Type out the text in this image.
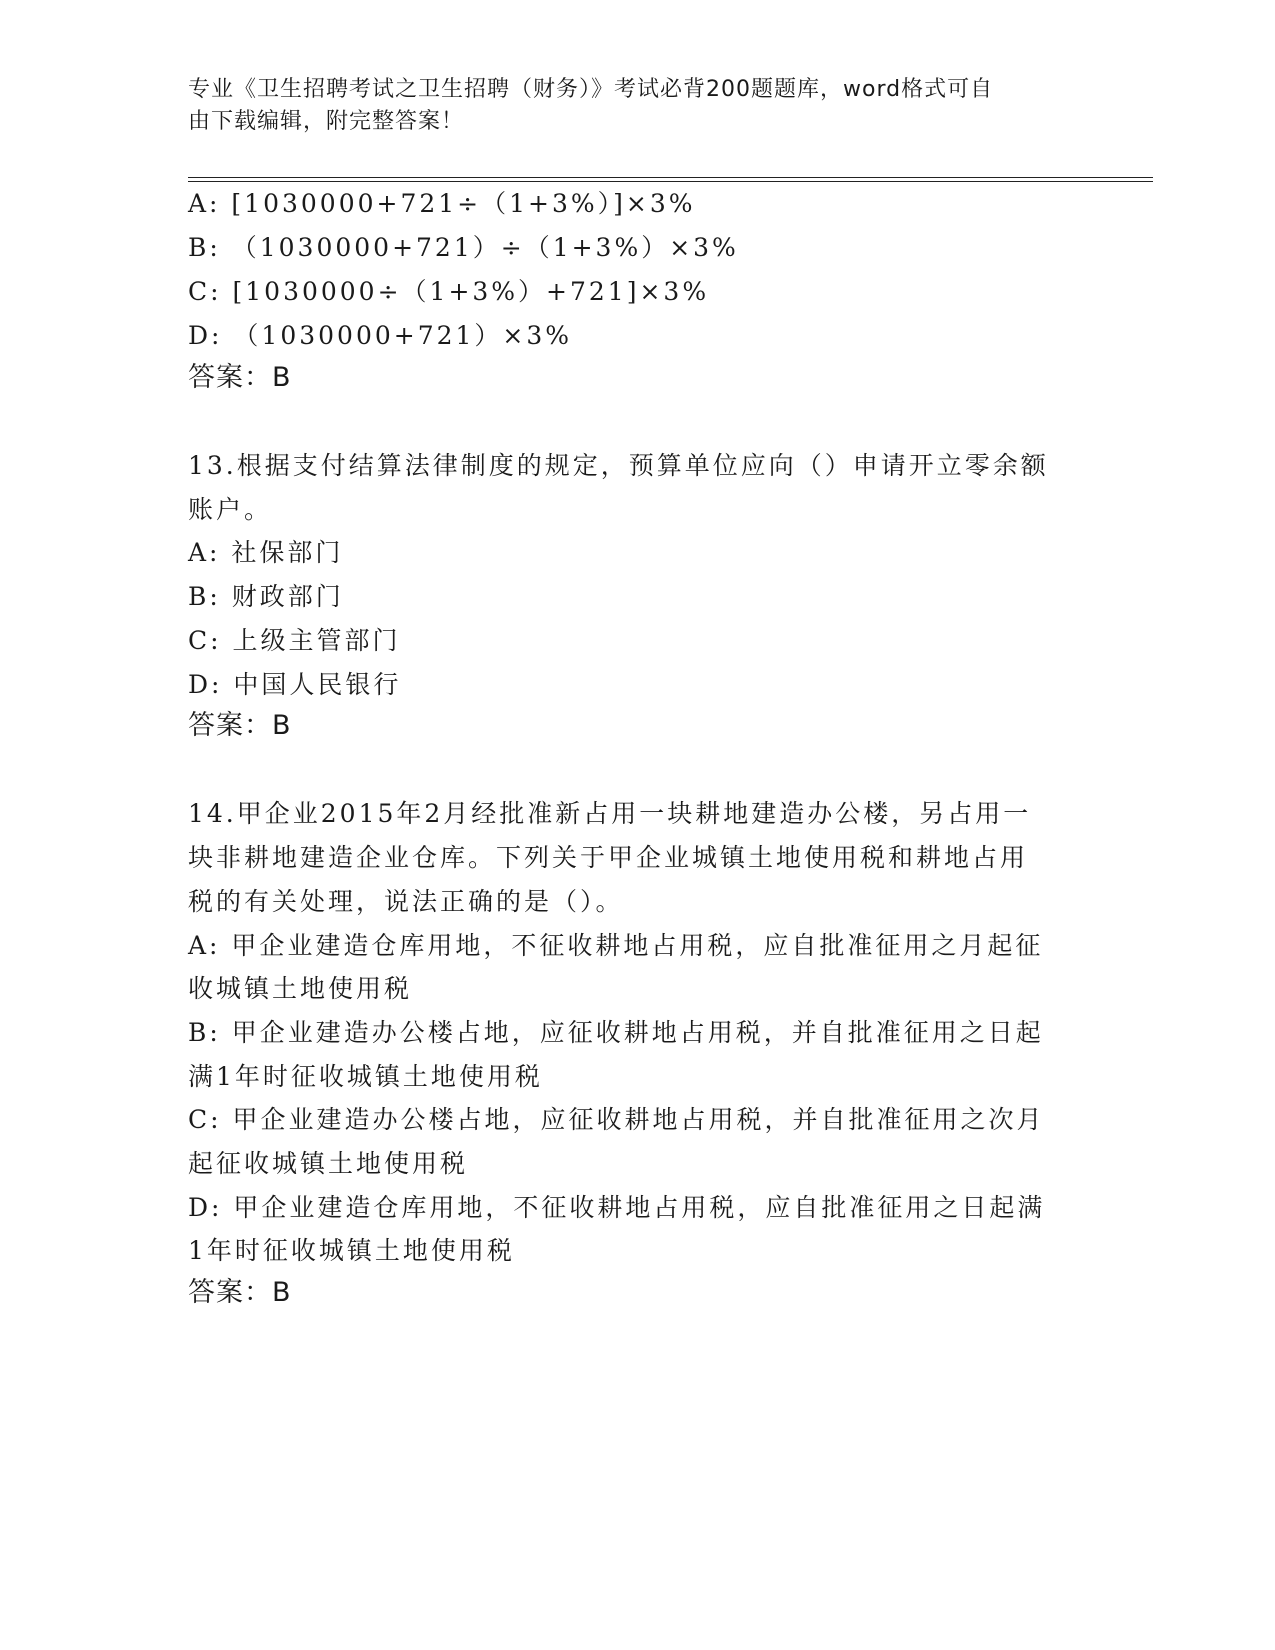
专业《卫生招聘考试之卫生招聘（财务）》考试必背200题题库，word格式可自
由下载编辑，附完整答案！
A: [1030000+721÷（1+3%）]×3%
B: （1030000+721）÷（1+3%）×3%
C: [1030000÷（1+3%）+721]×3%
D: （1030000+721）×3%
答案：B
13.根据支付结算法律制度的规定，预算单位应向（）申请开立零余额
账户。
A: 社保部门
B: 财政部门
C: 上级主管部门
D: 中国人民银行
答案：B
14.甲企业2015年2月经批准新占用一块耕地建造办公楼，另占用一
块非耕地建造企业仓库。下列关于甲企业城镇土地使用税和耕地占用
税的有关处理，说法正确的是（）。
A: 甲企业建造仓库用地，不征收耕地占用税，应自批准征用之月起征
收城镇土地使用税
B: 甲企业建造办公楼占地，应征收耕地占用税，并自批准征用之日起
满1年时征收城镇土地使用税
C: 甲企业建造办公楼占地，应征收耕地占用税，并自批准征用之次月
起征收城镇土地使用税
D: 甲企业建造仓库用地，不征收耕地占用税，应自批准征用之日起满
1年时征收城镇土地使用税
答案：B
